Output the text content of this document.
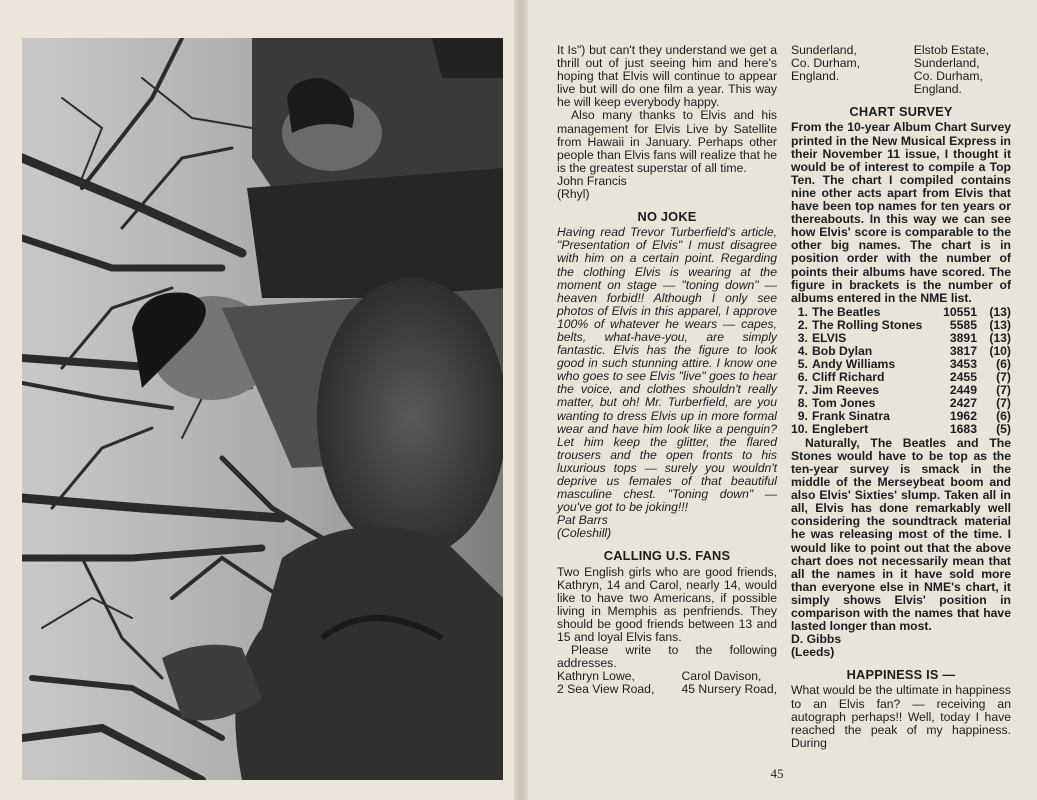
It Is") but can't they understand we get a thrill out of just seeing him and here's hoping that Elvis will continue to appear live but will do one film a year. This way he will keep everybody happy.

Also many thanks to Elvis and his management for Elvis Live by Satellite from Hawaii in January. Perhaps other people than Elvis fans will realize that he is the greatest superstar of all time.

John Francis

(Rhyl)

NO JOKE

Having read Trevor Turberfield's article, "Presentation of Elvis" I must disagree with him on a certain point. Regarding the clothing Elvis is wearing at the moment on stage — "toning down" — heaven forbid!! Although I only see photos of Elvis in this apparel, I approve 100% of whatever he wears — capes, belts, what-have-you, are simply fantastic. Elvis has the figure to look good in such stunning attire. I know one who goes to see Elvis "live" goes to hear the voice, and clothes shouldn't really matter, but oh! Mr. Turberfield, are you wanting to dress Elvis up in more formal wear and have him look like a penguin? Let him keep the glitter, the flared trousers and the open fronts to his luxurious tops — surely you wouldn't deprive us females of that beautiful masculine chest. "Toning down" — you've got to be joking!!!

Pat Barrs

(Coleshill)

CALLING U.S. FANS

Two English girls who are good friends, Kathryn, 14 and Carol, nearly 14, would like to have two Americans, if possible living in Memphis as penfriends. They should be good friends between 13 and 15 and loyal Elvis fans.

Please write to the following addresses.

Kathryn Lowe,
2 Sea View Road,
Carol Davison,
45 Nursery Road,
Sunderland,
Co. Durham,
England.
Elstob Estate,
Sunderland,
Co. Durham,
England.
CHART SURVEY

From the 10-year Album Chart Survey printed in the New Musical Express in their November 11 issue, I thought it would be of interest to compile a Top Ten. The chart I compiled contains nine other acts apart from Elvis that have been top names for ten years or thereabouts. In this way we can see how Elvis' score is comparable to the other big names. The chart is in position order with the number of points their albums have scored. The figure in brackets is the number of albums entered in the NME list.

1.	The Beatles	10551	(13)
2.	The Rolling Stones	5585	(13)
3.	ELVIS	3891	(13)
4.	Bob Dylan	3817	(10)
5.	Andy Williams	3453	(6)
6.	Cliff Richard	2455	(7)
7.	Jim Reeves	2449	(7)
8.	Tom Jones	2427	(7)
9.	Frank Sinatra	1962	(6)
10.	Englebert	1683	(5)

Naturally, The Beatles and The Stones would have to be top as the ten-year survey is smack in the middle of the Merseybeat boom and also Elvis' Sixties' slump. Taken all in all, Elvis has done remarkably well considering the soundtrack material he was releasing most of the time. I would like to point out that the above chart does not necessarily mean that all the names in it have sold more than everyone else in NME's chart, it simply shows Elvis' position in comparison with the names that have lasted longer than most.

D. Gibbs

(Leeds)

HAPPINESS IS —

What would be the ultimate in happiness to an Elvis fan? — receiving an autograph perhaps!! Well, today I have reached the peak of my happiness. During

45
